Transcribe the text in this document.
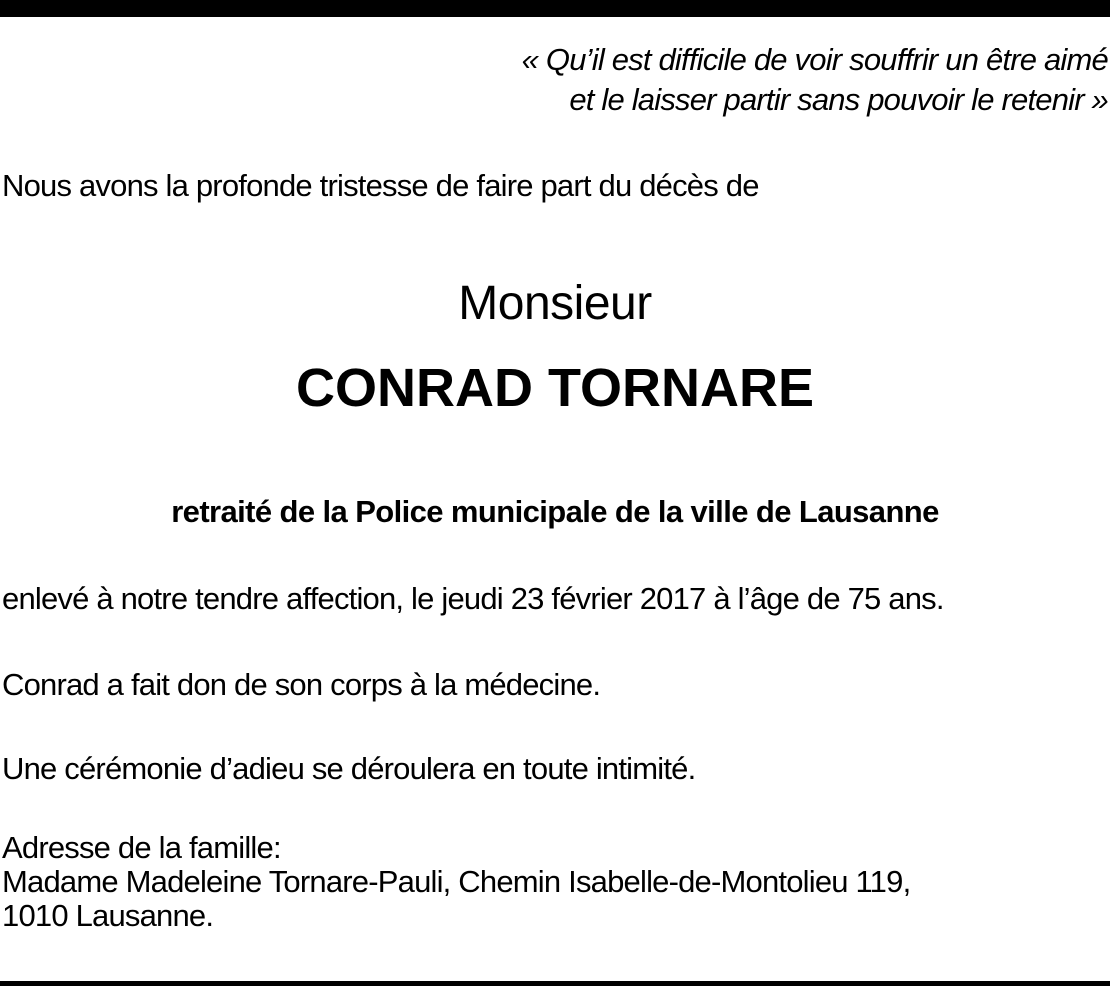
« Qu’il est difficile de voir souffrir un être aimé
et le laisser partir sans pouvoir le retenir »
Nous avons la profonde tristesse de faire part du décès de
Monsieur
CONRAD TORNARE
retraité de la Police municipale de la ville de Lausanne
enlevé à notre tendre affection, le jeudi 23 février 2017 à l’âge de 75 ans.
Conrad a fait don de son corps à la médecine.
Une cérémonie d’adieu se déroulera en toute intimité.
Adresse de la famille:
Madame Madeleine Tornare-Pauli, Chemin Isabelle-de-Montolieu 119,
1010 Lausanne.
